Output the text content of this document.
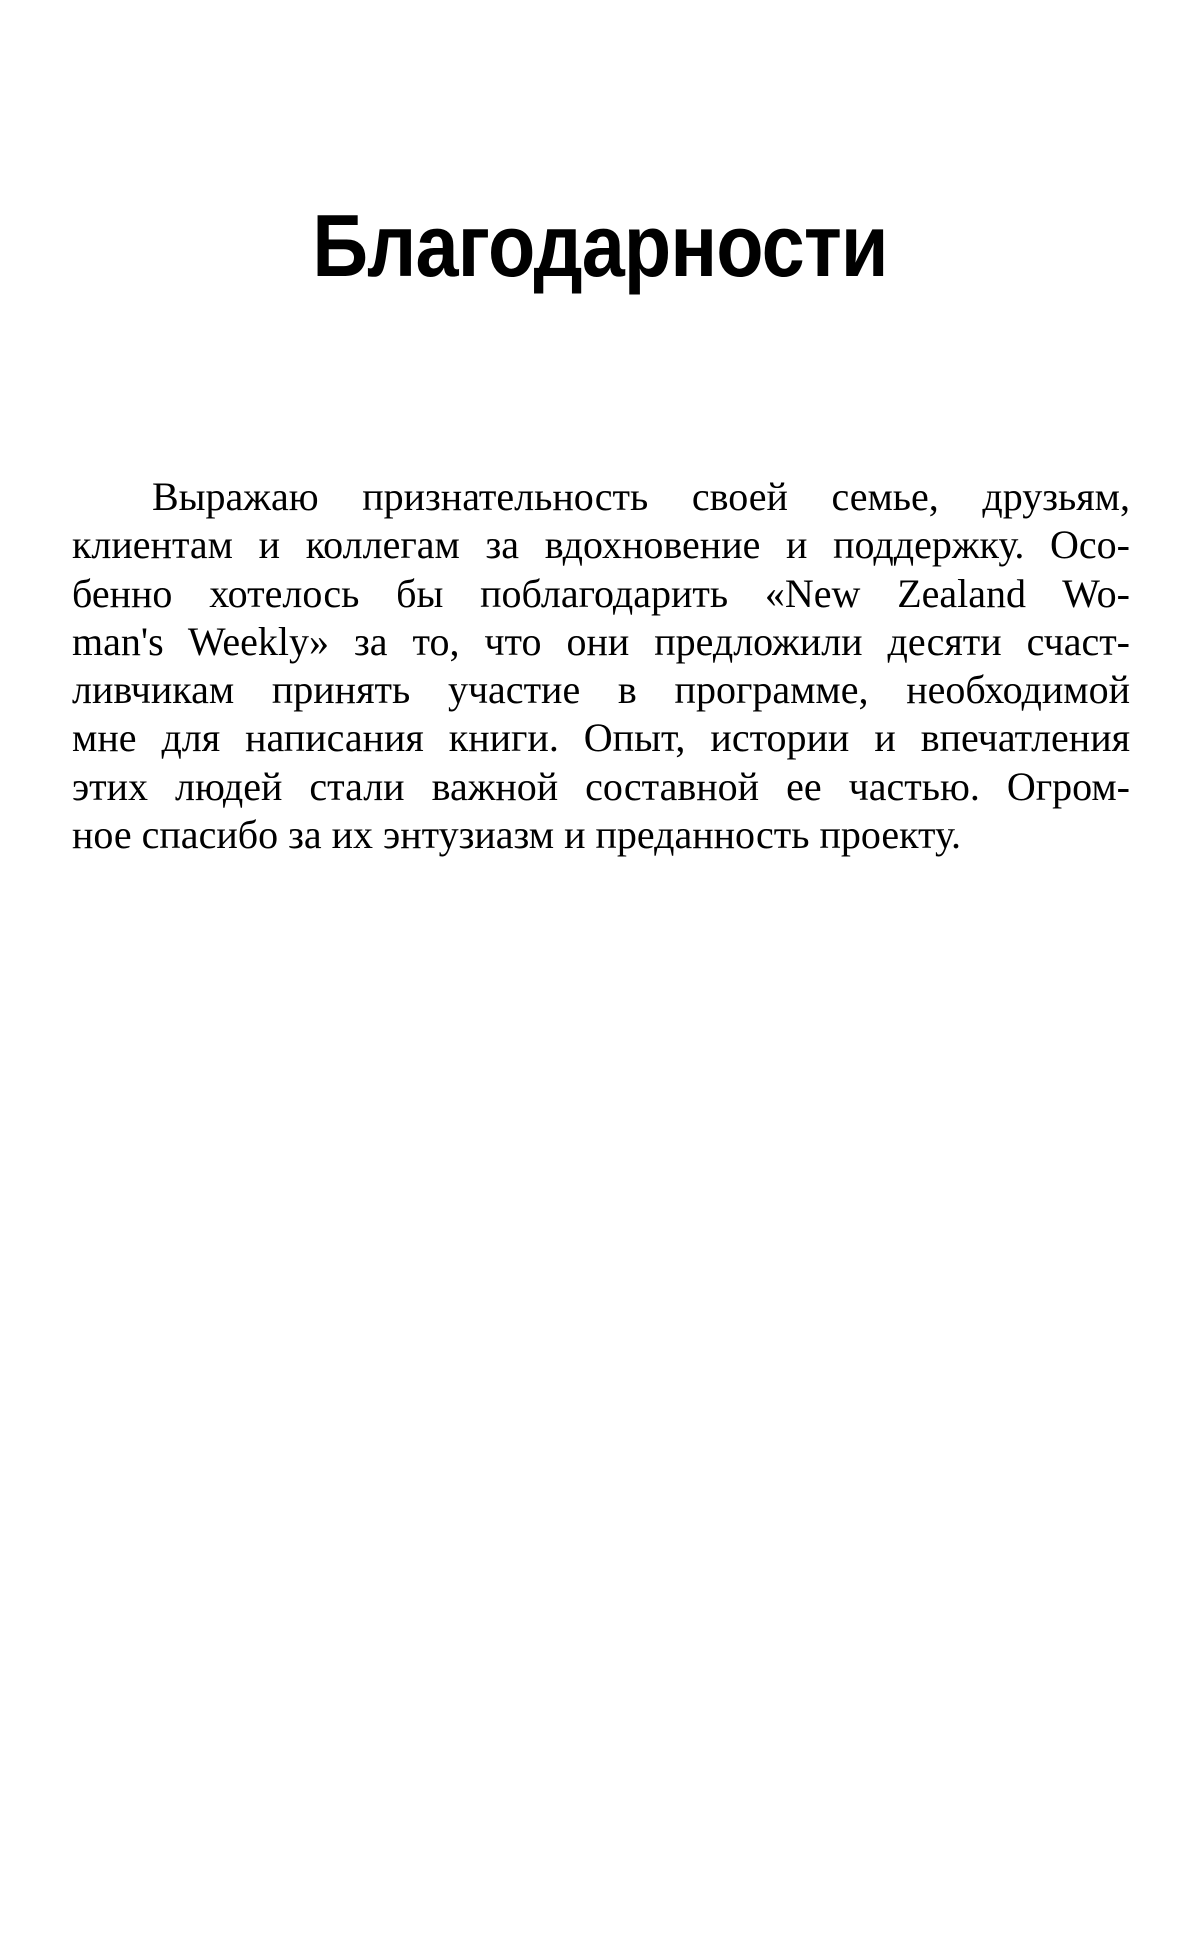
Благодарности
Выражаю признательность своей семье, друзьям,
клиентам и коллегам за вдохновение и поддержку. Осо-
бенно хотелось бы поблагодарить «New Zealand Wo-
man's Weekly» за то, что они предложили десяти счаст-
ливчикам принять участие в программе, необходимой
мне для написания книги. Опыт, истории и впечатления
этих людей стали важной составной ее частью. Огром-
ное спасибо за их энтузиазм и преданность проекту.
